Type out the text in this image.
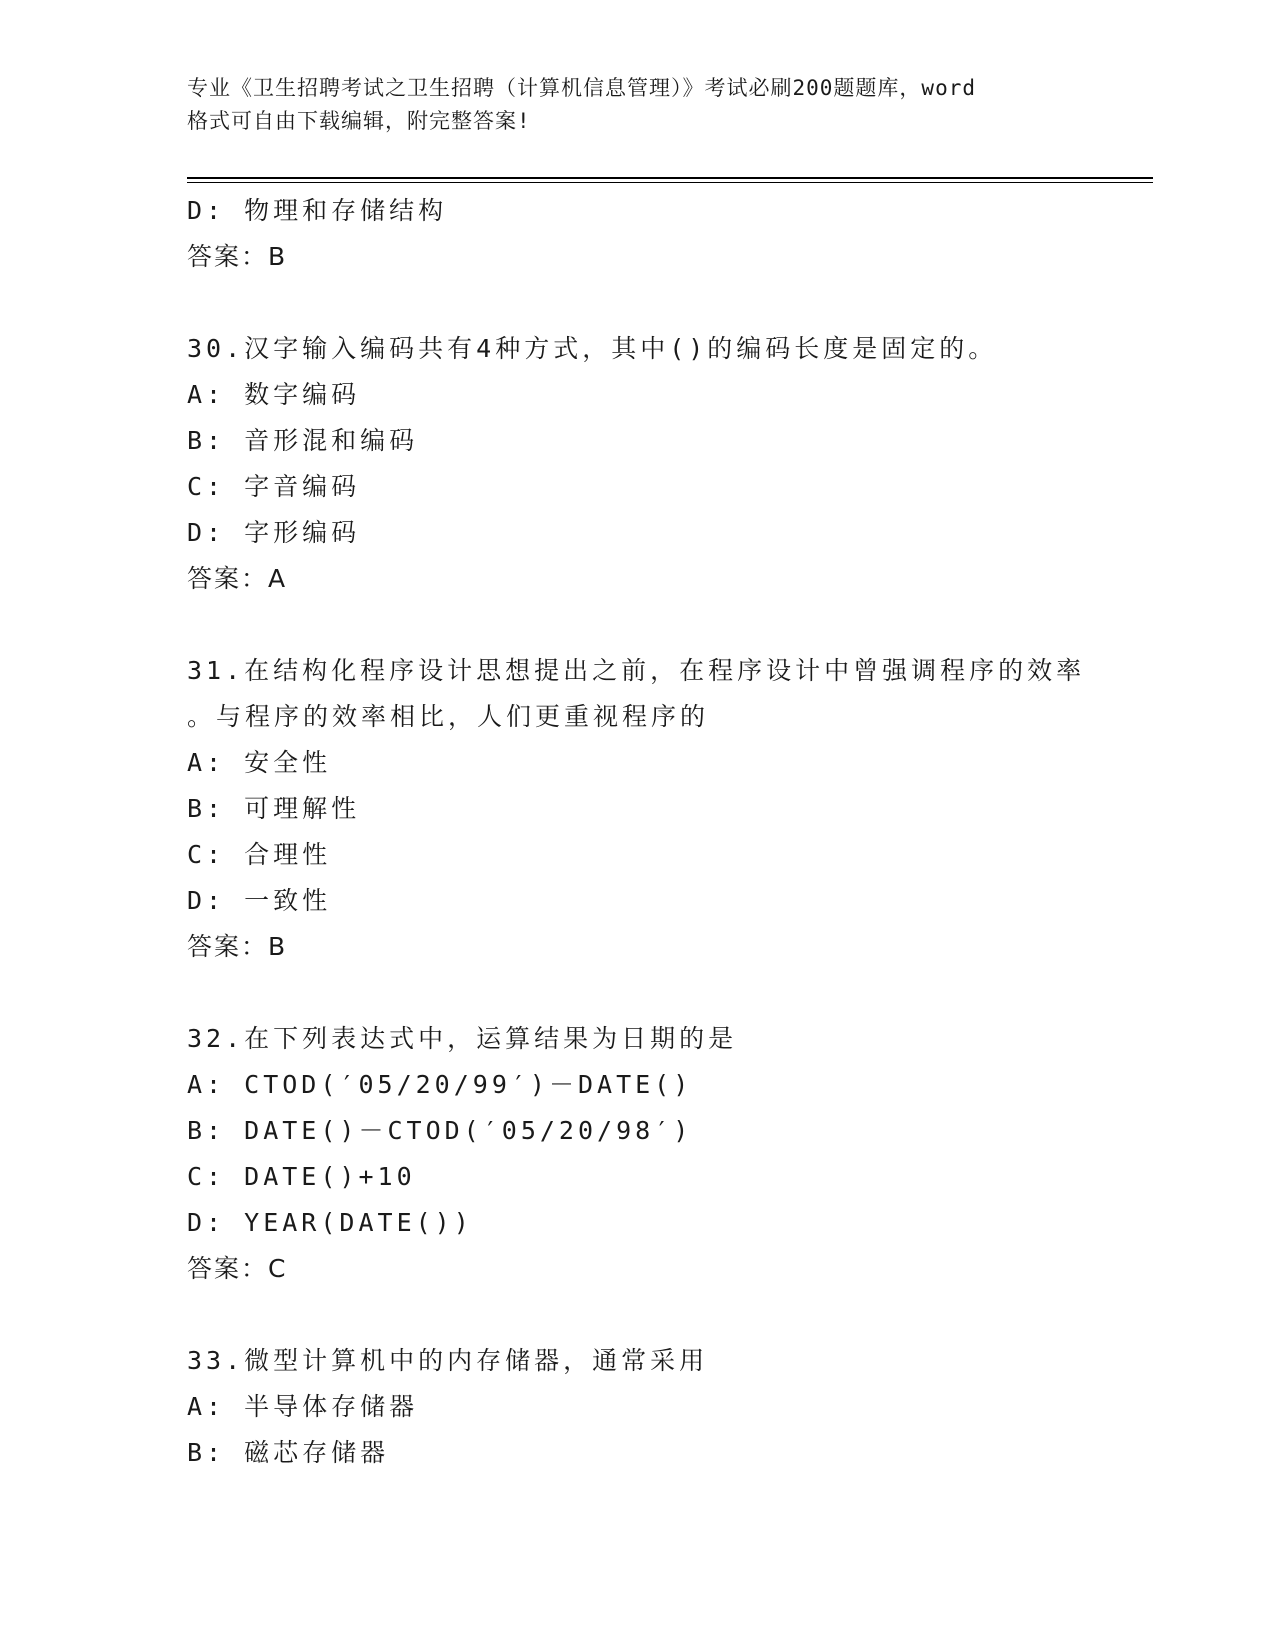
专业《卫生招聘考试之卫生招聘（计算机信息管理）》考试必刷200题题库，word
格式可自由下载编辑，附完整答案!
D: 物理和存储结构
答案：B
30.汉字输入编码共有4种方式，其中()的编码长度是固定的。
A: 数字编码
B: 音形混和编码
C: 字音编码
D: 字形编码
答案：A
31.在结构化程序设计思想提出之前，在程序设计中曾强调程序的效率
。与程序的效率相比，人们更重视程序的
A: 安全性
B: 可理解性
C: 合理性
D: 一致性
答案：B
32.在下列表达式中，运算结果为日期的是
A: CTOD(′05/20/99′)－DATE()
B: DATE()－CTOD(′05/20/98′)
C: DATE()+10
D: YEAR(DATE())
答案：C
33.微型计算机中的内存储器，通常采用
A: 半导体存储器
B: 磁芯存储器
